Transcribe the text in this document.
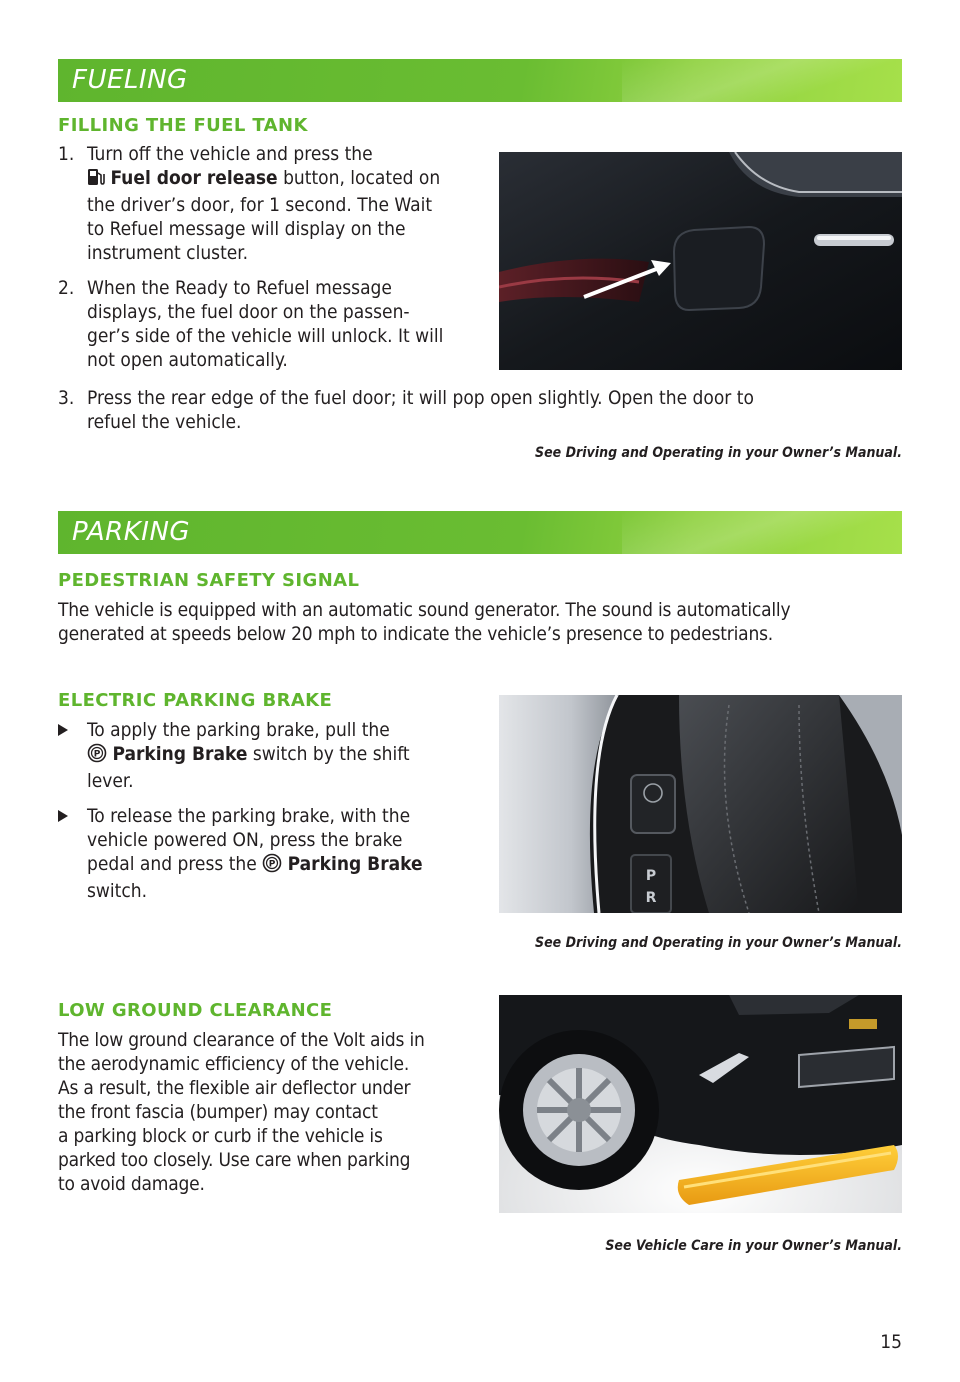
FUELING
FILLING THE FUEL TANK
1. Turn off the vehicle and press the
Fuel door release button, located on
the driver’s door, for 1 second. The Wait
to Refuel message will display on the
instrument cluster.
2. When the Ready to Refuel message
displays, the fuel door on the passen-
ger’s side of the vehicle will unlock. It will
not open automatically.
3. Press the rear edge of the fuel door; it will pop open slightly. Open the door to
refuel the vehicle.
See Driving and Operating in your Owner’s Manual.
PARKING
PEDESTRIAN SAFETY SIGNAL
The vehicle is equipped with an automatic sound generator. The sound is automatically
generated at speeds below 20 mph to indicate the vehicle’s presence to pedestrians.
ELECTRIC PARKING BRAKE
To apply the parking brake, pull the
P Parking Brake switch by the shift
lever.
To release the parking brake, with the
vehicle powered ON, press the brake
pedal and press the P Parking Brake
switch.
P
R
See Driving and Operating in your Owner’s Manual.
LOW GROUND CLEARANCE
The low ground clearance of the Volt aids in
the aerodynamic efficiency of the vehicle.
As a result, the flexible air deflector under
the front fascia (bumper) may contact
a parking block or curb if the vehicle is
parked too closely. Use care when parking
to avoid damage.
See Vehicle Care in your Owner’s Manual.
15
